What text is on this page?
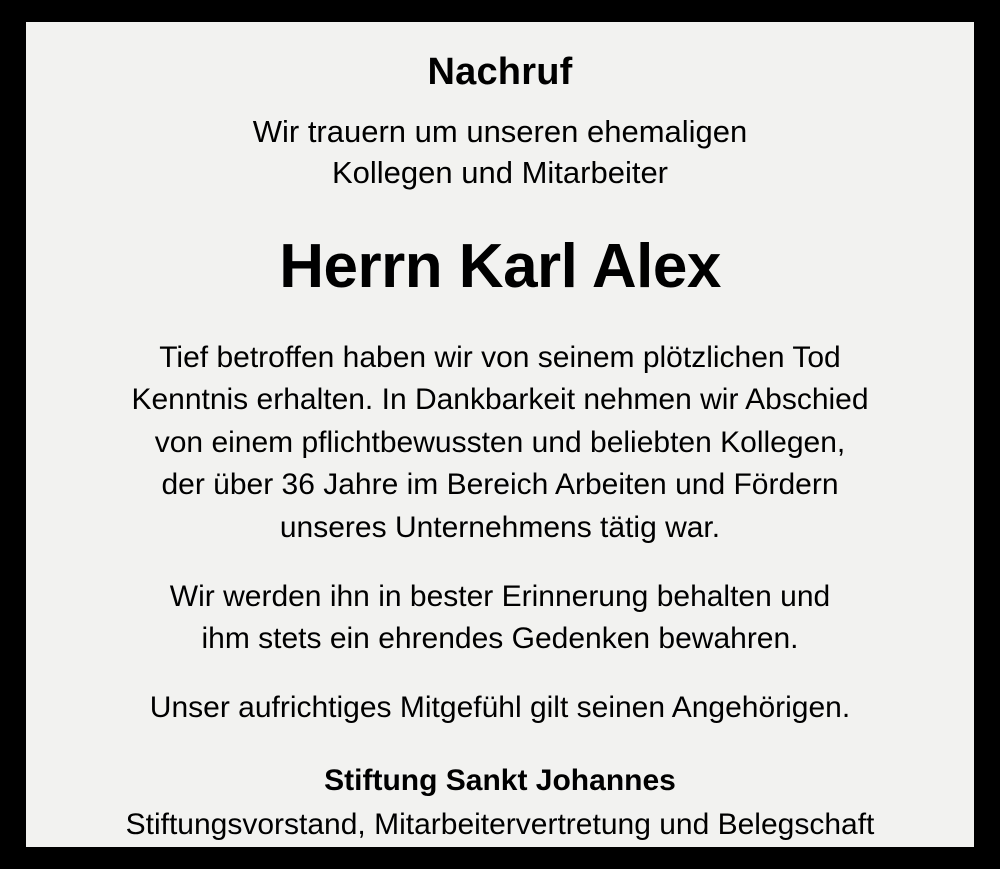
Nachruf

Wir trauern um unseren ehemaligen
Kollegen und Mitarbeiter

Herrn Karl Alex

Tief betroffen haben wir von seinem plötzlichen Tod
Kenntnis erhalten. In Dankbarkeit nehmen wir Abschied
von einem pflichtbewussten und beliebten Kollegen,
der über 36 Jahre im Bereich Arbeiten und Fördern
unseres Unternehmens tätig war.

Wir werden ihn in bester Erinnerung behalten und
ihm stets ein ehrendes Gedenken bewahren.

Unser aufrichtiges Mitgefühl gilt seinen Angehörigen.

Stiftung Sankt Johannes
Stiftungsvorstand, Mitarbeitervertretung und Belegschaft
